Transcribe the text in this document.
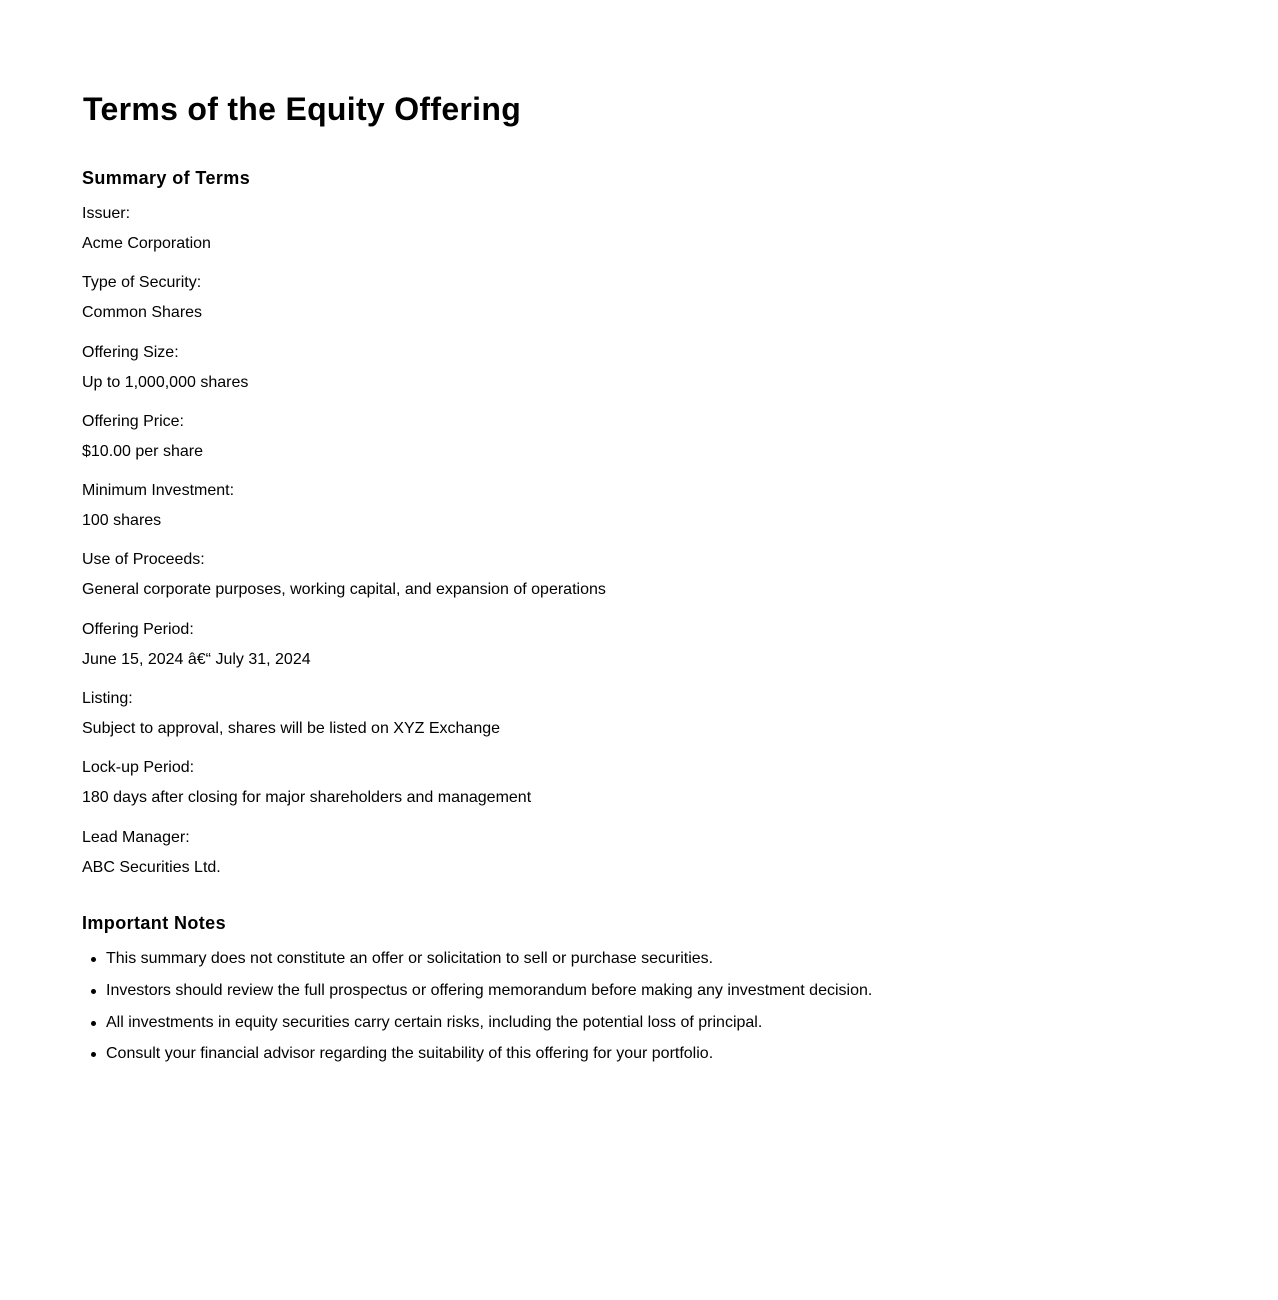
Terms of the Equity Offering
Summary of Terms
Issuer:
Acme Corporation
Type of Security:
Common Shares
Offering Size:
Up to 1,000,000 shares
Offering Price:
$10.00 per share
Minimum Investment:
100 shares
Use of Proceeds:
General corporate purposes, working capital, and expansion of operations
Offering Period:
June 15, 2024 â€“ July 31, 2024
Listing:
Subject to approval, shares will be listed on XYZ Exchange
Lock-up Period:
180 days after closing for major shareholders and management
Lead Manager:
ABC Securities Ltd.
Important Notes
This summary does not constitute an offer or solicitation to sell or purchase securities.
Investors should review the full prospectus or offering memorandum before making any investment decision.
All investments in equity securities carry certain risks, including the potential loss of principal.
Consult your financial advisor regarding the suitability of this offering for your portfolio.
